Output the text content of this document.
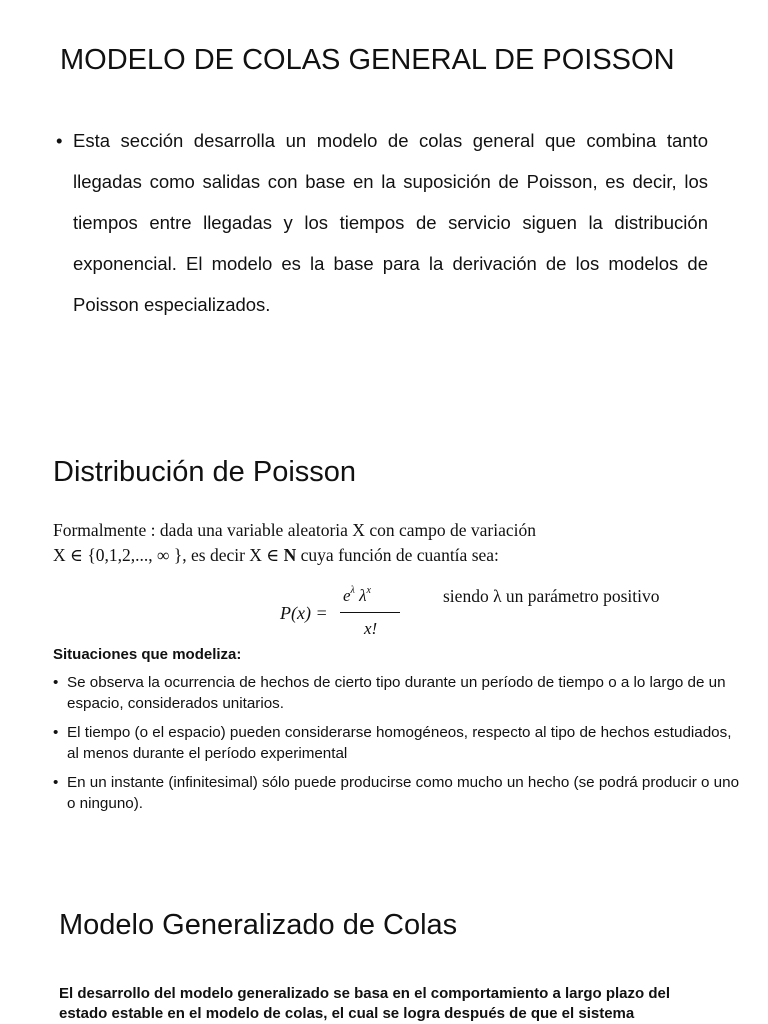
MODELO DE COLAS GENERAL DE POISSON
• Esta sección desarrolla un modelo de colas general que combina tanto llegadas como salidas con base en la suposición de Poisson, es decir, los tiempos entre llegadas y los tiempos de servicio siguen la distribución exponencial. El modelo es la base para la derivación de los modelos de Poisson especializados.
Distribución de Poisson
Formalmente : dada una variable aleatoria X con campo de variación
X ∈ {0,1,2,..., ∞ }, es decir X ∈ N cuya función de cuantía sea:
P(x) =
$e^\lambda$ $\lambda^x$
x!
siendo λ un parámetro positivo
Situaciones que modeliza:
• Se observa la ocurrencia de hechos de cierto tipo durante un período de tiempo o a lo largo de un espacio, considerados unitarios.
• El tiempo (o el espacio) pueden considerarse homogéneos, respecto al tipo de hechos estudiados, al menos durante el período experimental
• En un instante (infinitesimal) sólo puede producirse como mucho un hecho (se podrá producir o uno o ninguno).
Modelo Generalizado de Colas
El desarrollo del modelo generalizado se basa en el comportamiento a largo plazo del estado estable en el modelo de colas, el cual se logra después de que el sistema
